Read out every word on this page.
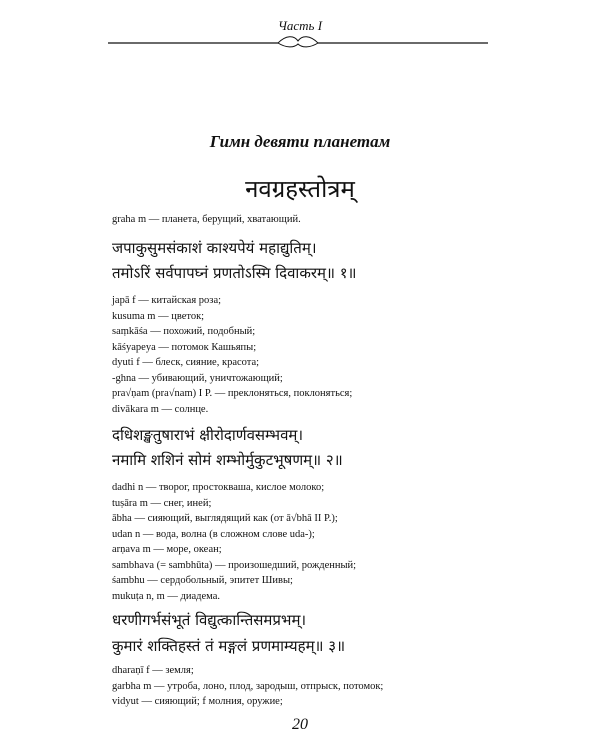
Часть I
Гимн девяти планетам
नवग्रहस्तोत्रम्
graha m — планета, берущий, хватающий.
जपाकुसुमसंकाशं काश्यपेयं महाद्युतिम्।
तमोऽरिं सर्वपापघ्नं प्रणतोऽस्मि दिवाकरम्॥ १॥
japā f — китайская роза;
kusuma m — цветок;
saṃkāśa — похожий, подобный;
kāśyapeya — потомок Кашьяпы;
dyuti f — блеск, сияние, красота;
-ghna — убивающий, уничтожающий;
pra√ṇam (pra√nam) I P. — преклоняться, поклоняться;
divākara m — солнце.
दधिशङ्खतुषाराभं क्षीरोदार्णवसम्भवम्।
नमामि शशिनं सोमं शम्भोर्मुकुटभूषणम्॥ २॥
dadhi n — творог, простокваша, кислое молоко;
tuṣāra m — снег, иней;
ābha — сияющий, выглядящий как (от ā√bhā II P.);
udan n — вода, волна (в сложном слове uda-);
arṇava m — море, океан;
sambhava (= sambhūta) — произошедший, рожденный;
śambhu — сердобольный, эпитет Шивы;
mukuṭa n, m — диадема.
धरणीगर्भसंभूतं विद्युत्कान्तिसमप्रभम्।
कुमारं शक्तिहस्तं तं मङ्गलं प्रणमाम्यहम्॥ ३॥
dharaṇī f — земля;
garbha m — утроба, лоно, плод, зародыш, отпрыск, потомок;
vidyut — сияющий; f молния, оружие;
20
